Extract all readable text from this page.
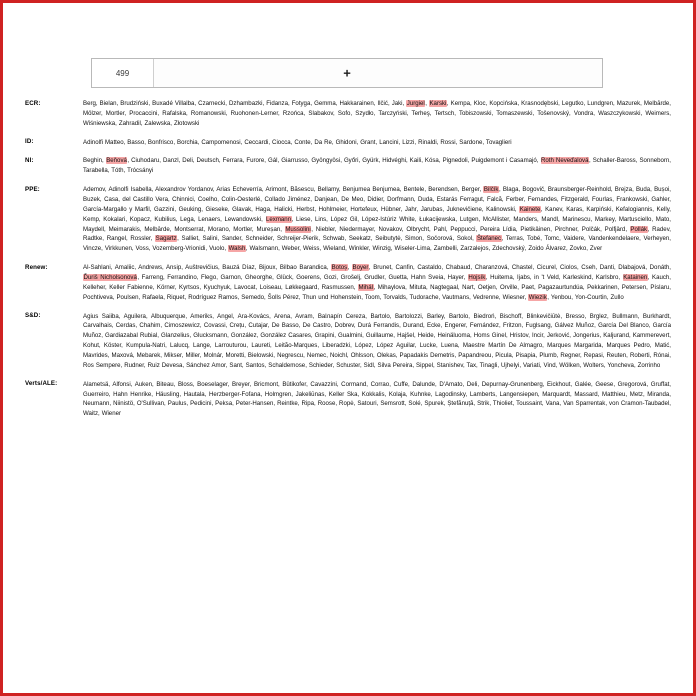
499	+
ECR:	Berg, Bielan, Brudziński, Buxadé Villalba, Czarnecki, Dzhambazki, Fidanza, Fotyga, Gemma, Hakkarainen, Ilčić, Jaki, Jurgiel, Karski, Kempa, Kloc, Kopcińska, Krasnodębski, Legutko, Lundgren, Mazurek, Melbārde, Mölzer, Mortler, Procaccini, Rafalska, Romanowski, Ruohonen-Lerner, Rzońca, Slabakov, Sofo, Szydło, Tarczyński, Terheş, Tertsch, Tobiszowski, Tomaszewski, Tošenovský, Vondra, Waszczykowski, Weimers, Wiśniewska, Zahradil, Zalewska, Złotowski
ID:	Adinolfi Matteo, Basso, Bonfrisco, Borchia, Campomenosi, Ceccardi, Ciocca, Conte, Da Re, Ghidoni, Grant, Lancini, Lizzi, Rinaldi, Rossi, Sardone, Tovaglieri
NI:	Beghin, Beňová, Ciuhodaru, Danzl, Deli, Deutsch, Ferrara, Furore, Gál, Giarrusso, Gyöngyösi, Győri, Gyürk, Hidvéghi, Kaili, Kósa, Pignedoli, Puigdemont i Casamajó, Roth Neveďalová, Schaller-Baross, Sonneborn, Tarabella, Tóth, Trócsányi
PPE:	Ademov, Adinolfi Isabella, Alexandrov Yordanov, Arias Echeverría, Arimont, Băsescu, Bellamy, Benjumea Benjumea, Bentele, Berendsen, Berger, Bilčík, Blaga, Bogovič, Braunsberger-Reinhold, Brejza, Buda, Bușoi, Buzek, Casa, del Castillo Vera, Chinnici, Coelho, Colin-Oesterlé, Collado Jiménez, Danjean, De Meo, Didier, Dorfmann, Duda, Estarás Ferragut, Falcă, Ferber, Fernandes, Fitzgerald, Fourlas, Frankowski, Gahler, García-Margallo y Marfil, Gazzini, Geuking, Gieseke, Glavak, Haga, Halicki, Herbst, Hohlmeier, Hortefeux, Hübner, Jahr, Jarubas, Juknevičiene, Kalinowski, Kainete, Kanev, Karas, Karpiński, Kefalogiannis, Kelly, Kemp, Kokalari, Kopacz, Kubilius, Lega, Lenaers, Lewandowski, Lexmann, Liese, Lins, López Gil, López-Istúriz White, Łukacijewska, Lutgen, McAllister, Manders, Mandl, Marinescu, Markey, Martusciello, Mato, Maydell, Meimarakis, Melbārde, Montserrat, Morano, Mortler, Mureșan, Mussolini, Niebler, Niedermayer, Novakov, Olbrycht, Pahl, Peppucci, Pereira Lídia, Pietikäinen, Pirchner, Polčák, Polfjärd, Pollák, Radev, Radtke, Rangel, Rossler, Sagartz, Salliet, Salini, Sander, Schneider, Schreijer-Pierik, Schwab, Seekatz, Seibutytė, Simon, Sočorová, Sokol, Štefanec, Terras, Tobé, Tomc, Vaidere, Vandenkendelaere, Verheyen, Vincze, Virkkunen, Voss, Vozemberg-Vrionidi, Vuolo, Walsh, Walsmann, Weber, Weiss, Wieland, Winkler, Winzig, Wiseler-Lima, Zambelli, Zarzalejos, Zdechovský, Zoido Álvarez, Zovko, Zver
Renew:	Al-Sahlani, Amaliic, Andrews, Ansip, Auštrevičius, Bauzá Díaz, Bijoux, Bilbao Barandica, Botoș, Boyer, Brunet, Canfin, Castaldo, Chabaud, Charanzová, Chastel, Cicurel, Ciolos, Cseh, Danti, Dlabajová, Donáth, Ďuriš Nicholsonová, Farreng, Ferrandino, Flego, Garnon, Gheorghe, Glück, Goerens, Gozi, Grošelj, Grudler, Guetta, Hahn Sveia, Hayer, Hojsík, Huitema, Ijabs, in 't Veld, Karleskind, Karlsbro, Katainen, Kauch, Kelleher, Keller Fabienne, Körner, Kyrtsos, Kyuchyuk, Lavocat, Loiseau, Løkkegaard, Rasmussen, Mihál, Mihaylova, Mituta, Nagtegaal, Nart, Oetjen, Orville, Paet, Pagazaurtundúa, Pekkarinen, Petersen, Píslaru, Pochtiveva, Poulsen, Rafaela, Riquet, Rodríguez Ramos, Semedo, Šolls Pérez, Thun und Hohenstein, Toom, Torvalds, Tudorache, Vautmans, Vedrenne, Wiesner, Wiezik, Yenbou, Yon-Courtin, Zullo
S&D:	Agius Saiiba, Aguilera, Albuquerque, Ameriks, Angel, Ara-Kovács, Arena, Avram, Balларín Cereza, Bartolo, Bartolozzi, Barley, Bartolo, Biedroń, Bischoff, Blinkevičiūtė, Bresso, Brglez, Bullmann, Burkhardt, Carvalhais, Cerdas, Chahim, Cimoszewicz, Covassi, Crețu, Cutajar, De Basso, De Castro, Dobrev, Durá Ferrandis, Durand, Ecke, Engerer, Fernández, Fritzon, Fuglsang, Gálvez Muñoz, García Del Blanco, García Muñoz, Gardiazabal Rubial, Glanzelius, Glucksmann, González, González Casares, Grapini, Gualmini, Guillaume, Hajšel, Heide, Heinäluoma, Homs Ginel, Hristov, Incir, Jerković, Jongerius, Kaljurand, Kammerevert, Kohut, Köster, Kumpula-Natri, Lalucq, Lange, Larrouturou, Laureti, Leitão-Marques, Liberadzki, López, López Aguilar, Luсke, Luena, Maestre Martín De Almagro, Marques Margarida, Marques Pedro, Matić, Mavrides, Maxová, Mebarek, Mikser, Miller, Molnár, Moretti, Bielowski, Negrescu, Nemec, Noichl, Ohlsson, Olekas, Papadakis Demetris, Papandreou, Picula, Pisapia, Plumb, Regner, Repasi, Reuten, Roberti, Rónai, Ros Sempere, Rudner, Ruiz Devesa, Sánchez Amor, Sant, Santos, Schaldemose, Schieder, Schuster, Sidl, Silva Pereira, Sippel, Stanishev, Tax, Tinagli, Ujhelyi, Variati, Vind, Wölken, Wolters, Yoncheva, Zorrinho
Verts/ALE:	Alametsä, Alfonsi, Auken, Biteau, Bloss, Boeselager, Breyer, Bricmont, Bütikofer, Cavazzini, Cormand, Corrao, Cuffe, Dalunde, D'Amato, Deli, Depurnay-Grunenberg, Eickhout, Galée, Geese, Gregorová, Gruffat, Guerreiro, Hahn Henrike, Häusling, Hautala, Herzberger-Fofana, Holmgren, Jakeliūnas, Keller Ska, Kokkalis, Kolaja, Kuhnke, Lagodinsky, Lamberts, Langensiepen, Marquardt, Massard, Matthieu, Metz, Miranda, Neumann, Niinistö, O'Sullivan, Paulus, Pedicini, Peksa, Peter-Hansen, Reintke, Ripa, Roose, Ropė, Satouri, Semsrott, Solé, Spurek, Ștefănuță, Strik, Thioliet, Toussaint, Vana, Van Sparrentak, von Cramon-Taubadel, Waitz, Wiener
